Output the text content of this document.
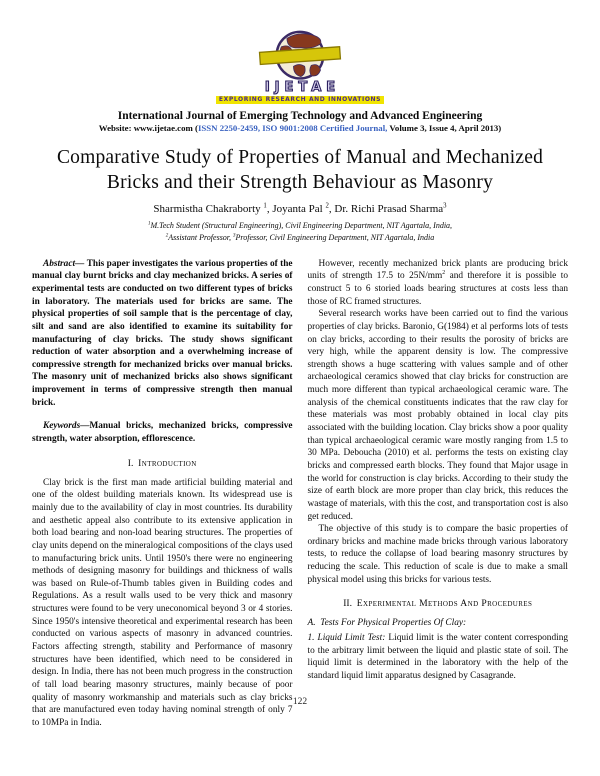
IJETAE
EXPLORING RESEARCH AND INNOVATIONS
International Journal of Emerging Technology and Advanced Engineering
Website: www.ijetae.com (ISSN 2250-2459, ISO 9001:2008 Certified Journal, Volume 3, Issue 4, April 2013)
Comparative Study of Properties of Manual and Mechanized Bricks and their Strength Behaviour as Masonry
Sharmistha Chakraborty $^1$, Joyanta Pal $^2$, Dr. Richi Prasad Sharma$^3$
$^1$M.Tech Student (Structural Engineering), Civil Engineering Department, NIT Agartala, India,
$^2$Assistant Professor, $^3$Professor, Civil Engineering Department, NIT Agartala, India

Abstract— This paper investigates the various properties of the manual clay burnt bricks and clay mechanized bricks. A series of experimental tests are conducted on two different types of bricks in laboratory. The materials used for bricks are same. The physical properties of soil sample that is the percentage of clay, silt and sand are also identified to examine its suitability for manufacturing of clay bricks. The study shows significant reduction of water absorption and a overwhelming increase of compressive strength for mechanized bricks over manual bricks. The masonry unit of mechanized bricks also shows significant improvement in terms of compressive strength then manual brick.

Keywords—Manual bricks, mechanized bricks, compressive strength, water absorption, efflorescence.

I.  Introduction

Clay brick is the first man made artificial building material and one of the oldest building materials known. Its widespread use is mainly due to the availability of clay in most countries. Its durability and aesthetic appeal also contribute to its extensive application in both load bearing and non-load bearing structures. The properties of clay units depend on the mineralogical compositions of the clays used to manufacturing brick units. Until 1950's there were no engineering methods of designing masonry for buildings and thickness of walls was based on Rule-of-Thumb tables given in Building codes and Regulations. As a result walls used to be very thick and masonry structures were found to be very uneconomical beyond 3 or 4 stories. Since 1950's intensive theoretical and experimental research has been conducted on various aspects of masonry in advanced countries. Factors affecting strength, stability and Performance of masonry structures have been identified, which need to be considered in design. In India, there has not been much progress in the construction of tall load bearing masonry structures, mainly because of poor quality of masonry workmanship and materials such as clay bricks that are manufactured even today having nominal strength of only 7 to 10MPa in India.

However, recently mechanized brick plants are producing brick units of strength 17.5 to $25N/mm^2$ and therefore it is possible to construct 5 to 6 storied loads bearing structures at costs less than those of RC framed structures.

Several research works have been carried out to find the various properties of clay bricks. Baronio, G(1984) et al performs lots of tests on clay bricks, according to their results the porosity of bricks are very high, while the apparent density is low. The compressive strength shows a huge scattering with values sample and of other archaeological ceramics showed that clay bricks for construction are much more different than typical archaeological ceramic ware. The analysis of the chemical constituents indicates that the raw clay for these materials was most probably obtained in local clay pits associated with the building location. Clay bricks show a poor quality than typical archaeological ceramic ware mostly ranging from 1.5 to 30 MPa. Deboucha (2010) et al. performs the tests on existing clay bricks and compressed earth blocks. They found that Major usage in the world for construction is clay bricks. According to their study the size of earth block are more proper than clay brick, this reduces the wastage of materials, with this the cost, and transportation cost is also get reduced.

The objective of this study is to compare the basic properties of ordinary bricks and machine made bricks through various laboratory tests, to reduce the collapse of load bearing masonry structures by reducing the scale. This reduction of scale is due to make a small physical model using this bricks for various tests.

II.  Experimental Methods And Procedures
A.  Tests For Physical Properties Of Clay:

1. Liquid Limit Test: Liquid limit is the water content corresponding to the arbitrary limit between the liquid and plastic state of soil. The liquid limit is determined in the laboratory with the help of the standard liquid limit apparatus designed by Casagrande.

122
